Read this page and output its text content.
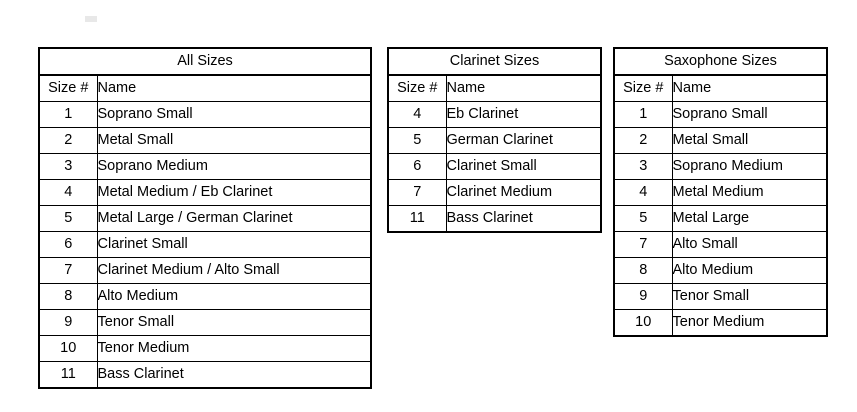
All Sizes	
Size #	Name
1	Soprano Small
2	Metal Small
3	Soprano Medium
4	Metal Medium / Eb Clarinet
5	Metal Large / German Clarinet
6	Clarinet Small
7	Clarinet Medium / Alto Small
8	Alto Medium
9	Tenor Small
10	Tenor Medium
11	Bass Clarinet
Clarinet Sizes	
Size #	Name
4	Eb Clarinet
5	German Clarinet
6	Clarinet Small
7	Clarinet Medium
11	Bass Clarinet
Saxophone Sizes	
Size #	Name
1	Soprano Small
2	Metal Small
3	Soprano Medium
4	Metal Medium
5	Metal Large
7	Alto Small
8	Alto Medium
9	Tenor Small
10	Tenor Medium
